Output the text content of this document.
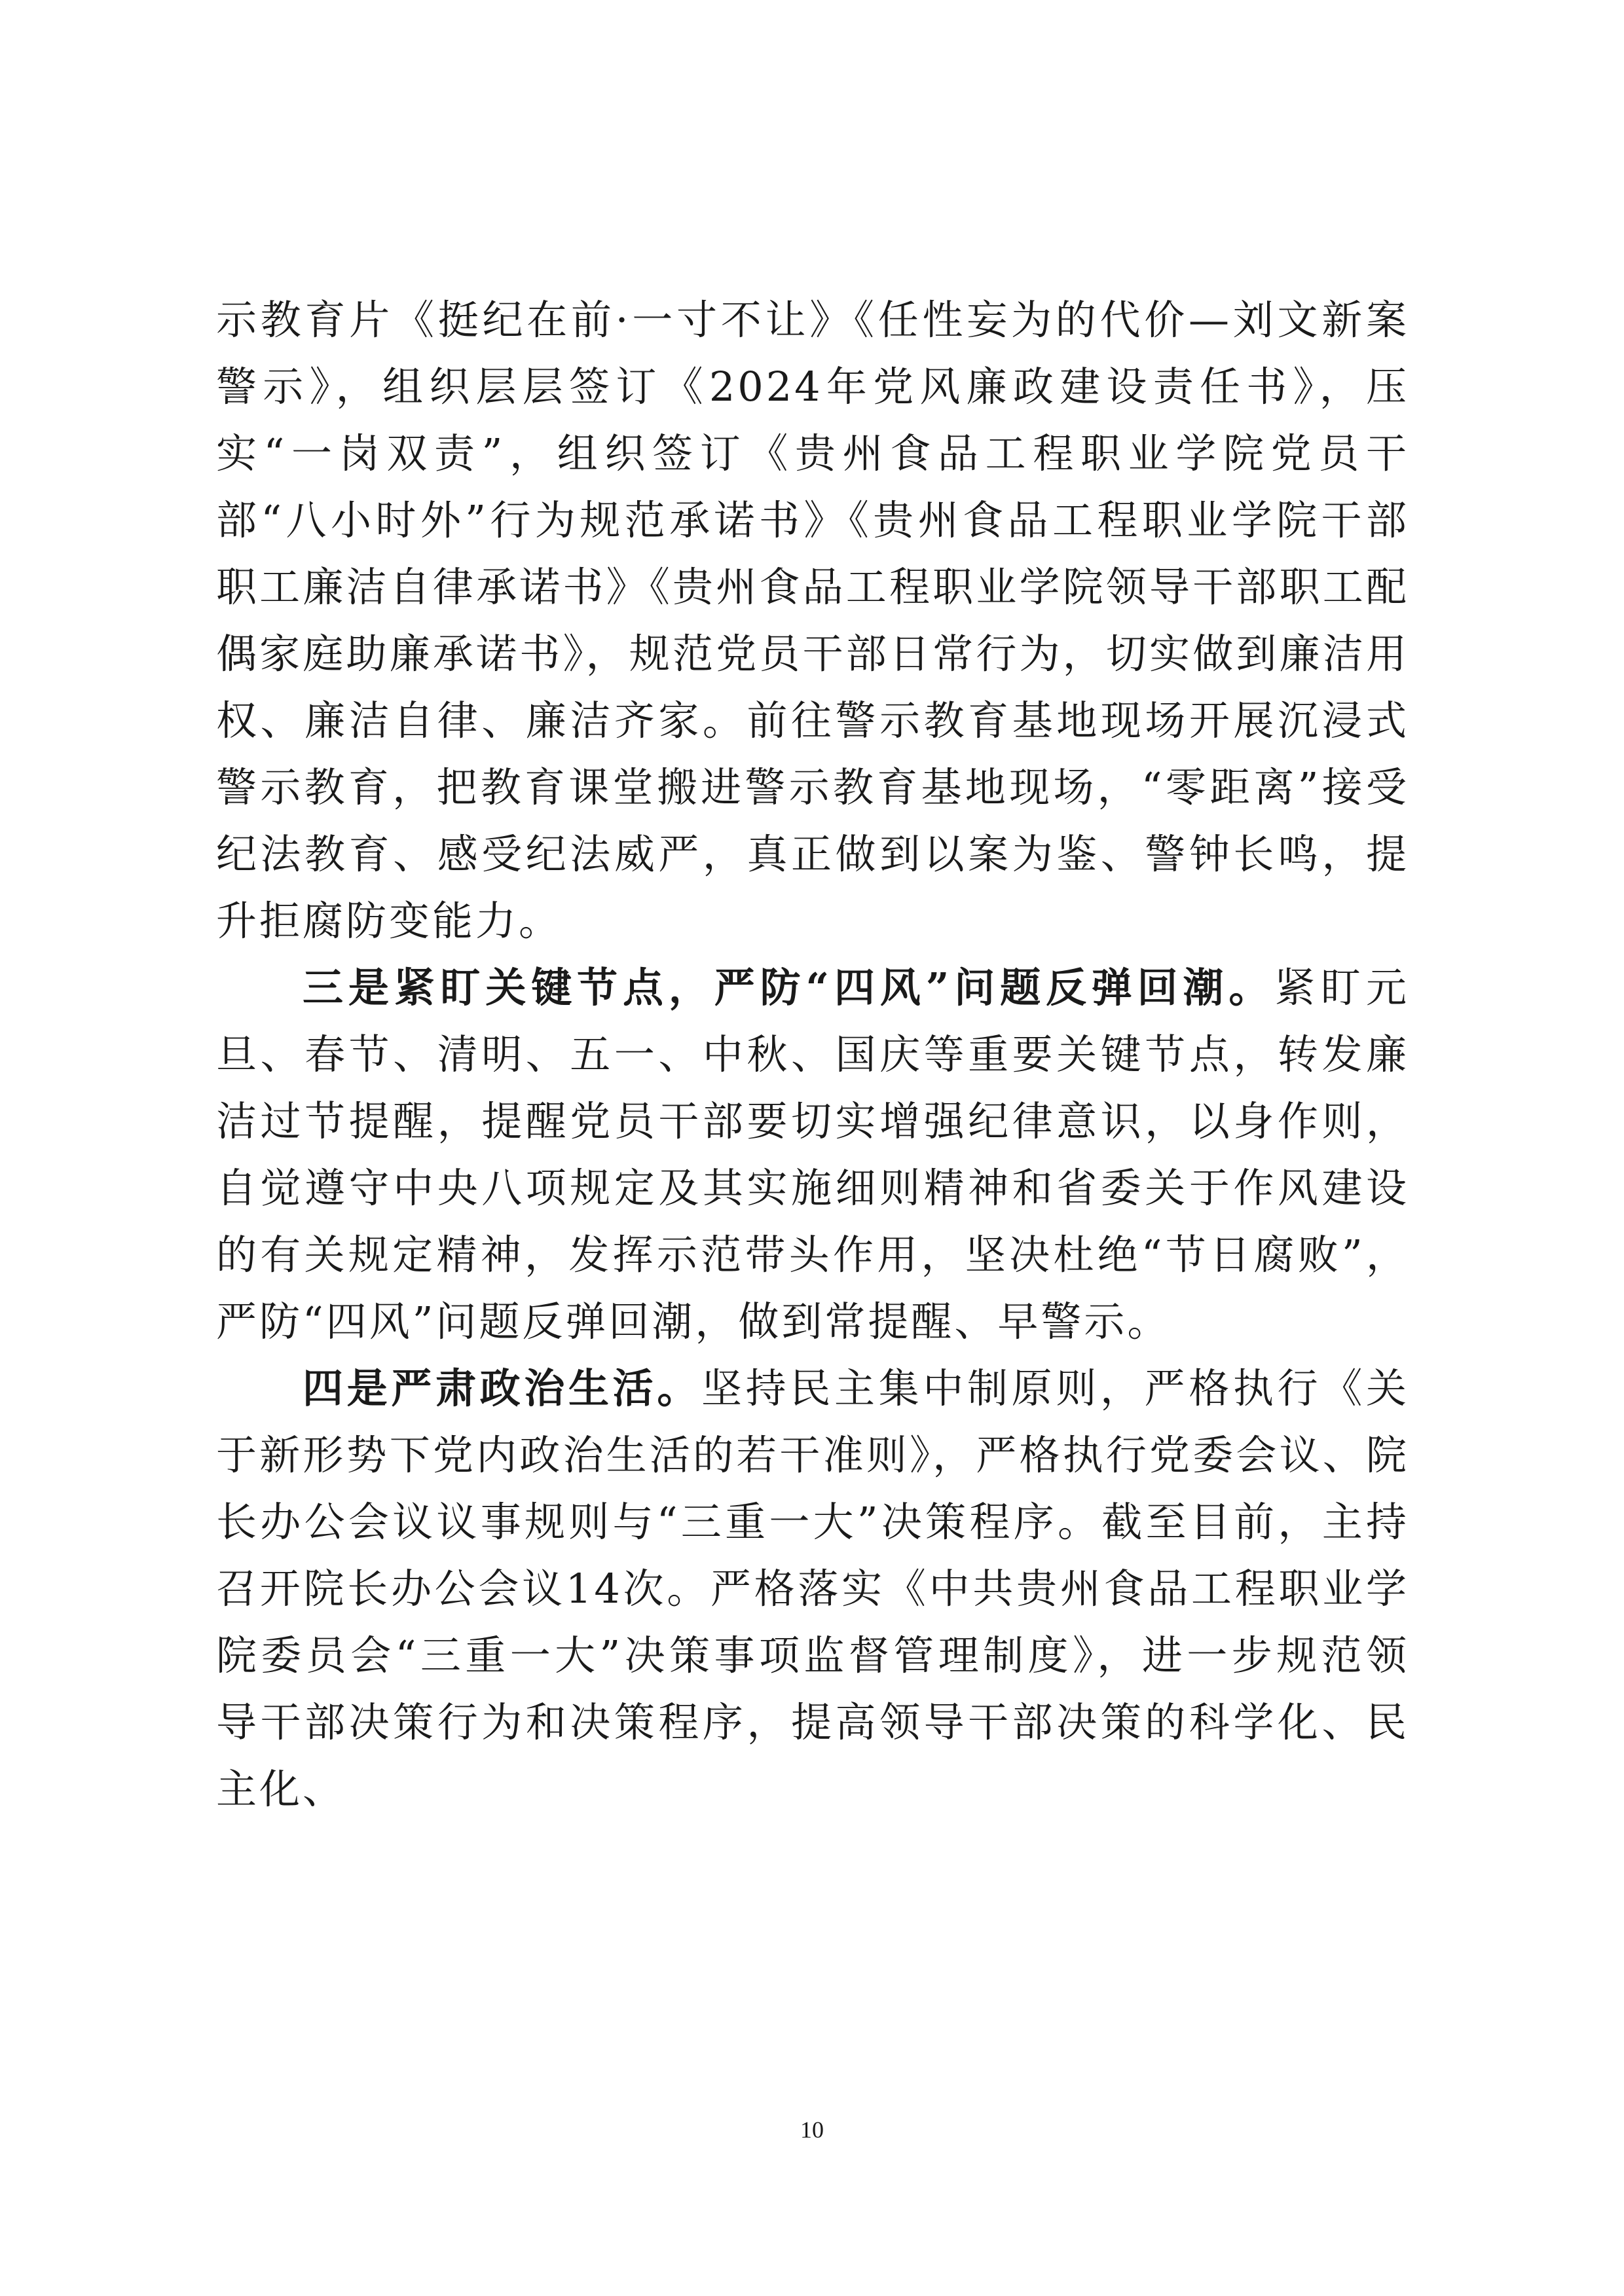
示教育片《挺纪在前·一寸不让》《任性妄为的代价—刘文新案警示》，组织层层签订《2024年党风廉政建设责任书》，压实“一岗双责”，组织签订《贵州食品工程职业学院党员干部“八小时外”行为规范承诺书》《贵州食品工程职业学院干部职工廉洁自律承诺书》《贵州食品工程职业学院领导干部职工配偶家庭助廉承诺书》，规范党员干部日常行为，切实做到廉洁用权、廉洁自律、廉洁齐家。前往警示教育基地现场开展沉浸式警示教育，把教育课堂搬进警示教育基地现场，“零距离”接受纪法教育、感受纪法威严，真正做到以案为鉴、警钟长鸣，提升拒腐防变能力。

三是紧盯关键节点，严防“四风”问题反弹回潮。紧盯元旦、春节、清明、五一、中秋、国庆等重要关键节点，转发廉洁过节提醒，提醒党员干部要切实增强纪律意识，以身作则，自觉遵守中央八项规定及其实施细则精神和省委关于作风建设的有关规定精神，发挥示范带头作用，坚决杜绝“节日腐败”，严防“四风”问题反弹回潮，做到常提醒、早警示。

四是严肃政治生活。坚持民主集中制原则，严格执行《关于新形势下党内政治生活的若干准则》，严格执行党委会议、院长办公会议议事规则与“三重一大”决策程序。截至目前，主持召开院长办公会议14次。严格落实《中共贵州食品工程职业学院委员会“三重一大”决策事项监督管理制度》，进一步规范领导干部决策行为和决策程序，提高领导干部决策的科学化、民主化、

10
